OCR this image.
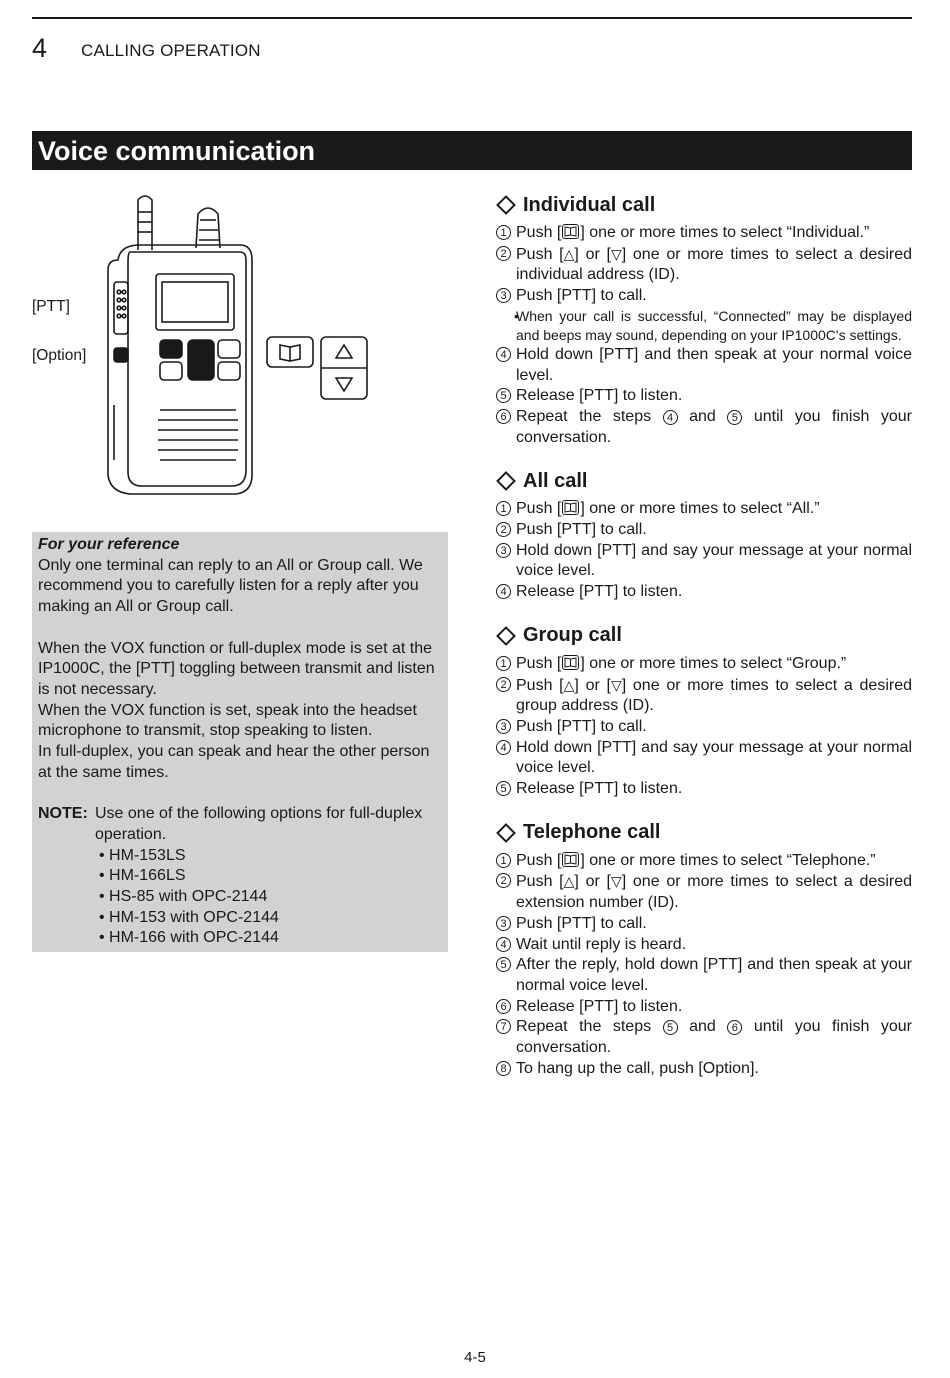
4 CALLING OPERATION
Voice communication
[PTT]
[Option]

For your reference

Only one terminal can reply to an All or Group call. We recommend you to carefully listen for a reply after you making an All or Group call.

When the VOX function or full-duplex mode is set at the IP1000C, the [PTT] toggling between transmit and listen is not necessary.

When the VOX function is set, speak into the headset microphone to transmit, stop speaking to listen.

In full-duplex, you can speak and hear the other person at the same times.

NOTE: Use one of the following options for full-duplex operation.
• HM-153LS
• HM-166LS
• HS-85 with OPC-2144
• HM-153 with OPC-2144
• HM-166 with OPC-2144
Individual call
1 Push [ ] one or more times to select “Individual.”
2 Push [△] or [▽] one or more times to select a desired individual address (ID).
3 Push [PTT] to call.
• When your call is successful, “Connected” may be displayed and beeps may sound, depending on your IP1000C's settings.
4 Hold down [PTT] and then speak at your normal voice level.
5 Release [PTT] to listen.
6 Repeat the steps 4 and 5 until you finish your conversation.
All call
1 Push [ ] one or more times to select “All.”
2 Push [PTT] to call.
3 Hold down [PTT] and say your message at your normal voice level.
4 Release [PTT] to listen.
Group call
1 Push [ ] one or more times to select “Group.”
2 Push [△] or [▽] one or more times to select a desired group address (ID).
3 Push [PTT] to call.
4 Hold down [PTT] and say your message at your normal voice level.
5 Release [PTT] to listen.
Telephone call
1 Push [ ] one or more times to select “Telephone.”
2 Push [△] or [▽] one or more times to select a desired extension number (ID).
3 Push [PTT] to call.
4 Wait until reply is heard.
5 After the reply, hold down [PTT] and then speak at your normal voice level.
6 Release [PTT] to listen.
7 Repeat the steps 5 and 6 until you finish your conversation.
8 To hang up the call, push [Option].
4-5
